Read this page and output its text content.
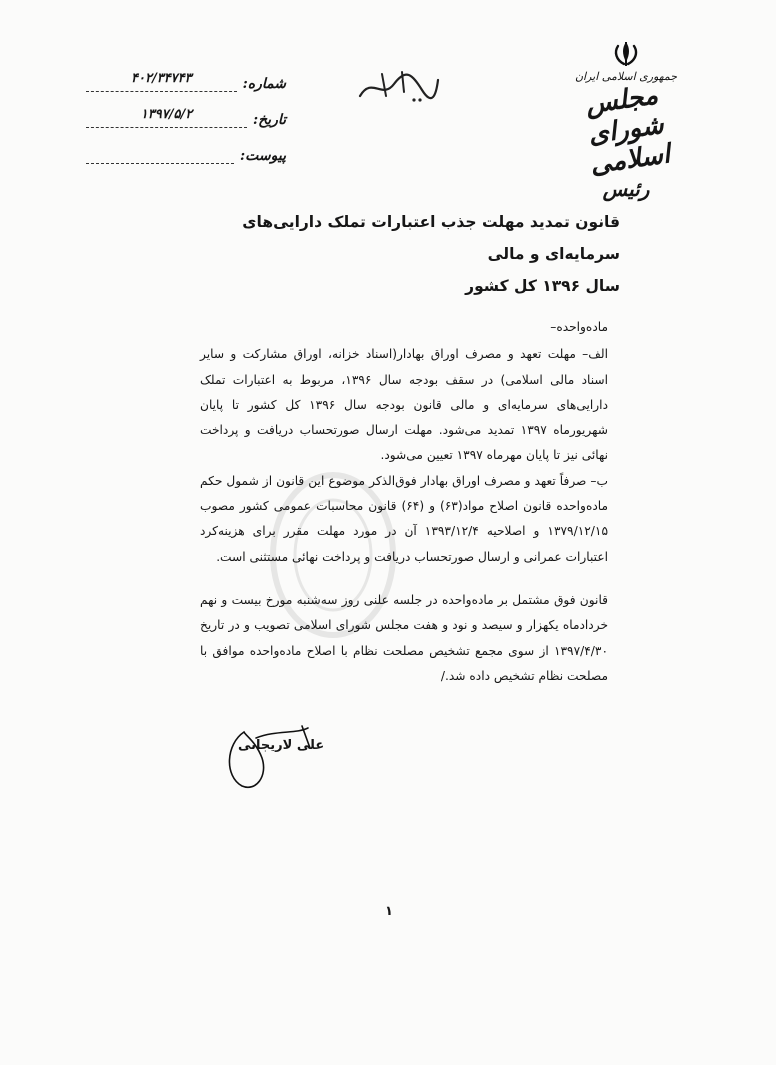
شماره:
۴۰۲/۳۴۷۴۳
تاریخ:
۱۳۹۷/۵/۲
پیوست:
جمهوری اسلامی ایران
مجلس شورای اسلامی
رئیس
قانون تمدید مهلت جذب اعتبارات تملک دارایی‌های سرمایه‌ای و مالی
سال ۱۳۹۶ کل کشور

ماده‌واحده–

الف– مهلت تعهد و مصرف اوراق بهادار(اسناد خزانه، اوراق مشارکت و سایر اسناد مالی اسلامی) در سقف بودجه سال ۱۳۹۶، مربوط به اعتبارات تملک دارایی‌های سرمایه‌ای و مالی قانون بودجه سال ۱۳۹۶ کل کشور تا پایان شهریورماه ۱۳۹۷ تمدید می‌شود. مهلت ارسال صورتحساب دریافت و پرداخت نهائی نیز تا پایان مهرماه ۱۳۹۷ تعیین می‌شود.

ب– صرفاً تعهد و مصرف اوراق بهادار فوق‌الذکر موضوع این قانون از شمول حکم ماده‌واحده قانون اصلاح مواد(۶۳) و (۶۴) قانون محاسبات عمومی کشور مصوب ۱۳۷۹/۱۲/۱۵ و اصلاحیه ۱۳۹۳/۱۲/۴ آن در مورد مهلت مقرر برای هزینه‌کرد اعتبارات عمرانی و ارسال صورتحساب دریافت و پرداخت نهائی مستثنی است.

قانون فوق مشتمل بر ماده‌واحده در جلسه علنی روز سه‌شنبه مورخ بیست و نهم خردادماه یکهزار و سیصد و نود و هفت مجلس شورای اسلامی تصویب و در تاریخ ۱۳۹۷/۴/۳۰ از سوی مجمع تشخیص مصلحت نظام با اصلاح ماده‌واحده موافق با مصلحت نظام تشخیص داده شد./

علی لاریجانی
۱
